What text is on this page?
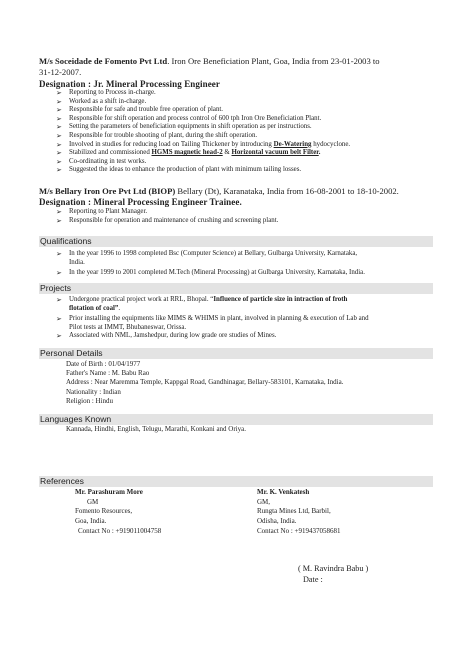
M/s Soceidade de Fomento Pvt Ltd. Iron Ore Beneficiation Plant, Goa, India from 23-01-2003 to
31-12-2007.
Designation : Jr. Mineral Processing Engineer
➢ Reporting to Process in-charge.
➢ Worked as a shift in-charge.
➢ Responsible for safe and trouble free operation of plant.
➢ Responsible for shift operation and process control of 600 tph Iron Ore Beneficiation Plant.
➢ Setting the parameters of beneficiation equipments in shift operation as per instructions.
➢ Responsible for trouble shooting of plant, during the shift operation.
➢ Involved in studies for reducing load on Tailing Thickener by introducing De-Watering hydocyclone.
➢ Stabilized and commissioned HGMS magnetic head-2 & Horizontal vacuum belt Filter.
➢ Co-ordinating in test works.
➢ Suggested the ideas to enhance the production of plant with minimum tailing losses.
M/s Bellary Iron Ore Pvt Ltd (BIOP) Bellary (Dt), Karanataka, India from 16-08-2001 to 18-10-2002.
Designation : Mineral Processing Engineer Trainee.
➢ Reporting to Plant Manager.
➢ Responsible for operation and maintenance of crushing and screening plant.
Qualifications
➢ In the year 1996 to 1998 completed Bsc (Computer Science) at Bellary, Gulbarga University, Karnataka,
India.
➢ In the year 1999 to 2001 completed M.Tech (Mineral Processing) at Gulbarga University, Karnataka, India.
Projects
➢ Undergone practical project work at RRL, Bhopal. “Influence of particle size in intraction of froth
flotation of coal”.
➢ Prior installing the equipments like MIMS & WHIMS in plant, involved in planning & execution of Lab and
Pilot tests at IMMT, Bhubaneswar, Orissa.
➢ Associated with NML, Jamshedpur, during low grade ore studies of Mines.
Personal Details
Date of Birth : 01/04/1977
Father's Name : M. Babu Rao
Address : Near Maremma Temple, Kappgal Road, Gandhinagar, Bellary-583101, Karnataka, India.
Nationality : Indian
Religion : Hindu
Languages Known
Kannada, Hindhi, English, Telugu, Marathi, Konkani and Oriya.
References
Mr. Parashuram More
GM
Fomento Resources,
Goa, India.
Contact No : +919011004758
Mr. K. Venkatesh
GM,
Rungta Mines Ltd, Barbil,
Odisha, India.
Contact No : +919437058681
( M. Ravindra Babu )
Date :
